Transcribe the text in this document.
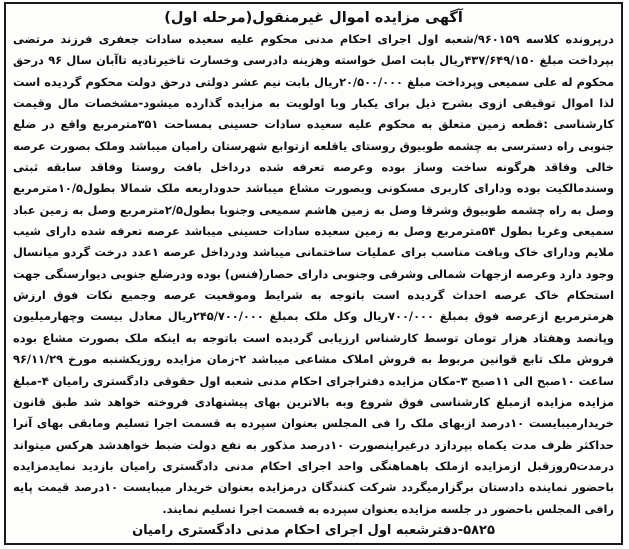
آگهی مزایده اموال غیرمنقول(مرحله اول)

درپرونده کلاسه ۹۶۰۱۵۹/شعبه اول اجرای احکام مدنی محکوم علیه سعیده سادات جعفری فرزند مرتضی بپرداخت مبلغ ۴۳۷/۶۴۹/۱۵۰ریال بابت اصل خواسته وهزینه دادرسی وخسارت تاخیرتادیه تاآبان سال ۹۶ درحق محکوم له علی سمیعی وپرداخت مبلغ ۲۰/۵۰۰/۰۰۰ریال بابت نیم عشر دولتی درحق دولت محکوم گردیده است لذا اموال توقیفی ازوی بشرح ذیل برای یکبار وبا اولویت به مزایده گذارده میشود-مشخصات مال وقیمت کارشناسی :قطعه زمین متعلق به محکوم علیه سعیده سادات حسینی بمساحت ۳۵۱مترمربع واقع در ضلع جنوبی راه دسترسی به چشمه طوبیوق روستای یاقلعه ازتوابع شهرستان رامیان میباشد وملک بصورت عرصه خالی وفاقد هرگونه ساخت وساز بوده وعرصه تعرفه شده درداخل بافت روستا وفاقد سابقه ثبتی وسندمالکیت بوده ودارای کاربری مسکونی وبصورت مشاع میباشد حدوداربعه ملک شمالا بطول۱۰/۵مترمربع وصل به راه چشمه طوبیوق وشرقا وصل به زمین هاشم سمیعی وجنوبا بطول۲/۵مترمربع وصل به زمین عباد سمیعی وغربا بطول ۵۴مترمربع وصل به زمین سعیده سادات حسینی میباشد عرصه تعرفه شده دارای شیب ملایم ودارای خاک وبافت مناسب برای عملیات ساختمانی میباشد ودرداخل عرصه ۱عدد درخت گردو میانسال وجود دارد وعرصه ازجهات شمالی وشرقی وجنوبی دارای حصار(فنس) بوده ودرضلع جنوبی دیوارسنگی جهت استحکام خاک عرصه احداث گردیده است باتوجه به شرایط وموقعیت عرصه وجمیع نکات فوق ارزش هرمترمربع ازعرصه فوق بمبلغ ۷۰۰/۰۰۰ریال وکل ملک بمبلغ ۲۴۵/۷۰۰/۰۰۰ریال معادل بیست وچهارمیلیون وپانصد وهفتاد هزار تومان توسط کارشناس ارزیابی گردیده است باتوجه به اینکه ملک بصورت مشاع بوده فروش ملک تابع قوانین مربوط به فروش املاک مشاعی میباشد ۲-زمان مزایده روزیکشنبه مورخ ۹۶/۱۱/۲۹ ساعت ۱۰صبح الی ۱۱صبح ۳-مکان مزایده دفتراجرای احکام مدنی شعبه اول حقوقی دادگستری رامیان ۴-مبلغ مزایده مزایده ازمبلغ کارشناسی فوق شروع وبه بالاترین بهای پیشنهادی فروخته خواهد شد طبق قانون خریدارمیبایست ۱۰درصد ازبهای ملک را فی المجلس بعنوان سپرده به قسمت اجرا تسلیم ومابقی بهای آنرا حداکثر ظرف مدت یکماه بپردازد درغیراینصورت ۱۰درصد مذکور به نفع دولت ضبط خواهدشد هرکس میتواند درمدت۵روزقبل ازمزایده ازملک باهماهنگی واحد اجرای احکام مدنی دادگستری رامیان بازدید نمایدمزایده باحضور نماینده دادستان برگزارمیگردد شرکت کنندگان درمزایده بعنوان خریدار میبایست ۱۰درصد قیمت پایه رافی المجلس باحضور در جلسه مزایده بعنوان سپرده به قسمت اجرا تسلیم نمایند.

۵۸۲۵-دفترشعبه اول اجرای احکام مدنی دادگستری رامیان
